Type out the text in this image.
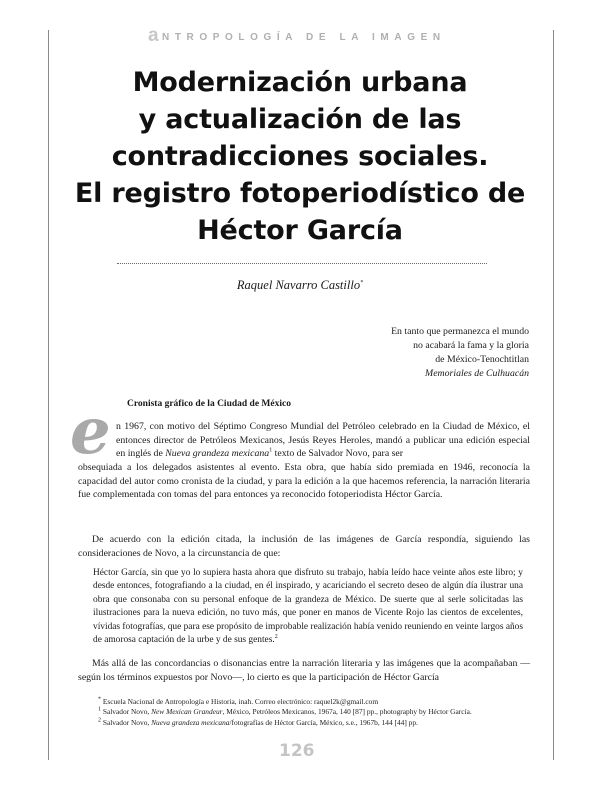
a NTROPOLOGÍA DE LA IMAGEN
Modernización urbana
y actualización de las
contradicciones sociales.
El registro fotoperiodístico de
Héctor García
Raquel Navarro Castillo*
En tanto que permanezca el mundo
no acabará la fama y la gloria
de México-Tenochtitlan
Memoriales de Culhuacán
Cronista gráfico de la Ciudad de México
e n 1967, con motivo del Séptimo Congreso Mundial del Petróleo celebrado en la Ciudad de México, el entonces director de Petróleos Mexicanos, Jesús Reyes Heroles, mandó a publicar una edición especial en inglés de Nueva grandeza mexicana$^1$ texto de Salvador Novo, para ser

obsequiada a los delegados asistentes al evento. Esta obra, que había sido premiada en 1946, reconocía la capacidad del autor como cronista de la ciudad, y para la edición a la que hacemos referencia, la narración literaria fue complementada con tomas del para entonces ya reconocido fotoperiodista Héctor García.

De acuerdo con la edición citada, la inclusión de las imágenes de García respondía, siguiendo las consideraciones de Novo, a la circunstancia de que:

Héctor García, sin que yo lo supiera hasta ahora que disfruto su trabajo, había leído hace veinte años este libro; y desde entonces, fotografiando a la ciudad, en él inspirado, y acariciando el secreto deseo de algún día ilustrar una obra que consonaba con su personal enfoque de la grandeza de México. De suerte que al serle solicitadas las ilustraciones para la nueva edición, no tuvo más, que poner en manos de Vicente Rojo las cientos de excelentes, vívidas fotografías, que para ese propósito de improbable realización había venido reuniendo en veinte largos años de amorosa captación de la urbe y de sus gentes.$^2$

Más allá de las concordancias o disonancias entre la narración literaria y las imágenes que la acompañaban —según los términos expuestos por Novo—, lo cierto es que la participación de Héctor García

* Escuela Nacional de Antropología e Historia, inah. Correo electrónico: raquel2k@gmail.com
$^1$ Salvador Novo, New Mexican Grandeur, México, Petróleos Mexicanos, 1967a, 140 [87] pp., photography by Héctor García.
$^2$ Salvador Novo, Nueva grandeza mexicana/fotografías de Héctor García, México, s.e., 1967b, 144 [44] pp.
126
